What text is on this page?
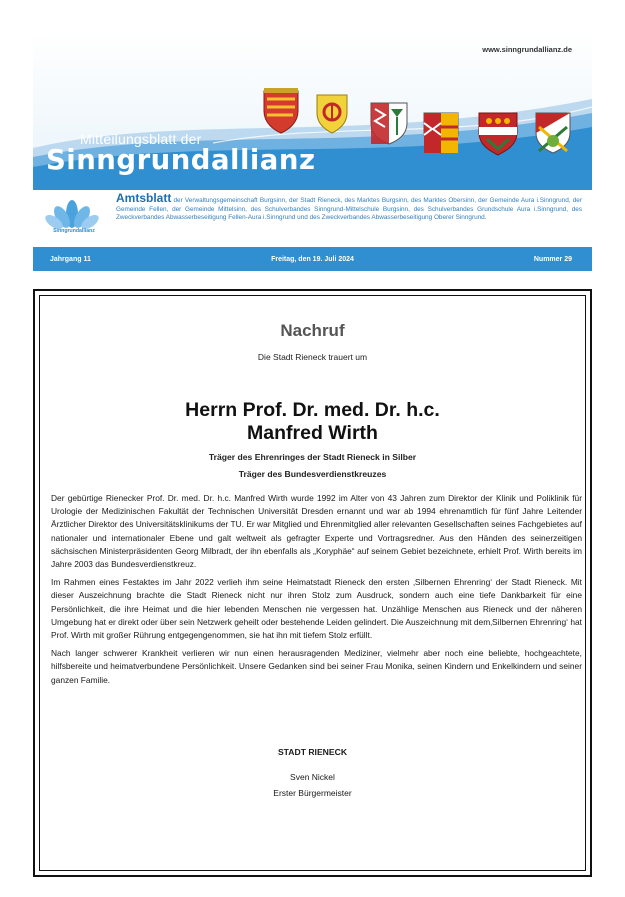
www.sinngrundallianz.de
Mitteilungsblatt der
Sinngrundallianz
Sinngrundallianz
Amtsblatt der Verwaltungsgemeinschaft Burgsinn, der Stadt Rieneck, des Marktes Burgsinn, des Marktes Obersinn, der Gemeinde Aura i.Sinngrund, der Gemeinde Fellen, der Gemeinde Mittelsinn, des Schulverbandes Sinngrund-Mittelschule Burgsinn, des Schulverbandes Grundschule Aura i.Sinngrund, des Zweckverbandes Abwasserbeseitigung Fellen-Aura i.Sinngrund und des Zweckverbandes Abwasserbeseitigung Oberer Sinngrund.
Freitag, den 19. Juli 2024
Jahrgang 11	Nummer 29
Nachruf
Die Stadt Rieneck trauert um
Herrn Prof. Dr. med. Dr. h.c.
Manfred Wirth
Träger des Ehrenringes der Stadt Rieneck in Silber
Träger des Bundesverdienstkreuzes

Der gebürtige Rienecker Prof. Dr. med. Dr. h.c. Manfred Wirth wurde 1992 im Alter von 43 Jahren zum Direktor der Klinik und Poliklinik für Urologie der Medizinischen Fakultät der Technischen Universität Dresden ernannt und war ab 1994 ehrenamtlich für fünf Jahre Leitender Ärztlicher Direktor des Universitätsklinikums der TU. Er war Mitglied und Ehrenmitglied aller relevanten Gesellschaften seines Fachgebietes auf nationaler und internationaler Ebene und galt weltweit als gefragter Experte und Vortragsredner. Aus den Händen des seinerzeitigen sächsischen Ministerpräsidenten Georg Milbradt, der ihn ebenfalls als „Koryphäe“ auf seinem Gebiet bezeichnete, erhielt Prof. Wirth bereits im Jahre 2003 das Bundesverdienstkreuz.

Im Rahmen eines Festaktes im Jahr 2022 verlieh ihm seine Heimatstadt Rieneck den ersten ‚Silbernen Ehrenring‘ der Stadt Rieneck. Mit dieser Auszeichnung brachte die Stadt Rieneck nicht nur ihren Stolz zum Ausdruck, sondern auch eine tiefe Dankbarkeit für eine Persönlichkeit, die ihre Heimat und die hier lebenden Menschen nie vergessen hat. Unzählige Menschen aus Rieneck und der näheren Umgebung hat er direkt oder über sein Netzwerk geheilt oder bestehende Leiden gelindert. Die Auszeichnung mit dem‚Silbernen Ehrenring‘ hat Prof. Wirth mit großer Rührung entgegengenommen, sie hat ihn mit tiefem Stolz erfüllt.

Nach langer schwerer Krankheit verlieren wir nun einen herausragenden Mediziner, vielmehr aber noch eine beliebte, hochgeachtete, hilfsbereite und heimatverbundene Persönlichkeit. Unsere Gedanken sind bei seiner Frau Monika, seinen Kindern und Enkelkindern und seiner ganzen Familie.

STADT RIENECK
Sven Nickel
Erster Bürgermeister
